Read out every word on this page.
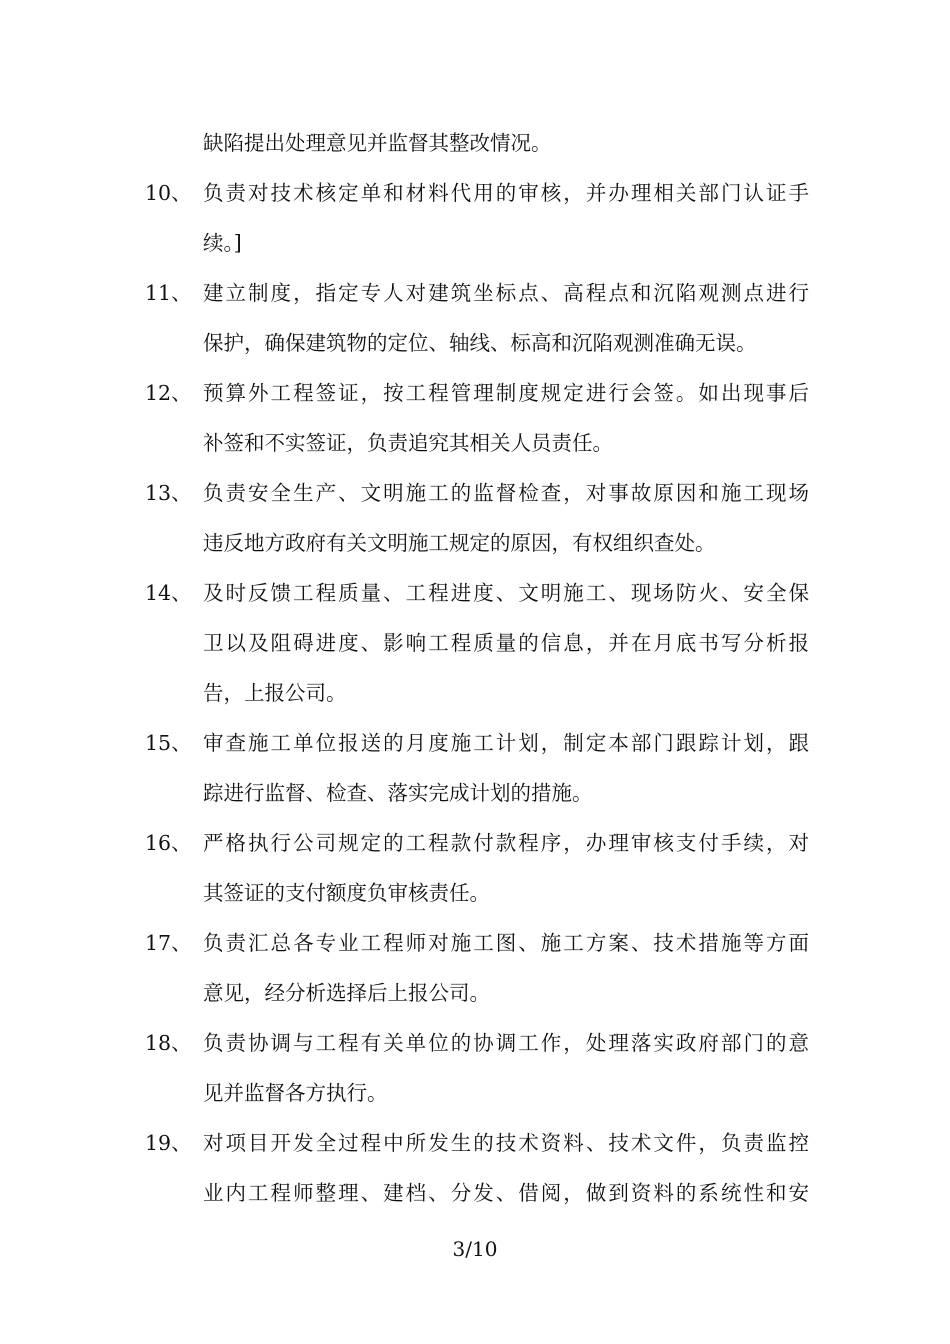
缺陷提出处理意见并监督其整改情况。
10、 负责对技术核定单和材料代用的审核，并办理相关部门认证手
续。]
11、 建立制度，指定专人对建筑坐标点、高程点和沉陷观测点进行
保护，确保建筑物的定位、轴线、标高和沉陷观测准确无误。
12、 预算外工程签证，按工程管理制度规定进行会签。如出现事后
补签和不实签证，负责追究其相关人员责任。
13、 负责安全生产、文明施工的监督检查，对事故原因和施工现场
违反地方政府有关文明施工规定的原因，有权组织查处。
14、 及时反馈工程质量、工程进度、文明施工、现场防火、安全保
卫以及阻碍进度、影响工程质量的信息，并在月底书写分析报
告，上报公司。
15、 审查施工单位报送的月度施工计划，制定本部门跟踪计划，跟
踪进行监督、检查、落实完成计划的措施。
16、 严格执行公司规定的工程款付款程序，办理审核支付手续，对
其签证的支付额度负审核责任。
17、 负责汇总各专业工程师对施工图、施工方案、技术措施等方面
意见，经分析选择后上报公司。
18、 负责协调与工程有关单位的协调工作，处理落实政府部门的意
见并监督各方执行。
19、 对项目开发全过程中所发生的技术资料、技术文件，负责监控
业内工程师整理、建档、分发、借阅，做到资料的系统性和安
3/10
